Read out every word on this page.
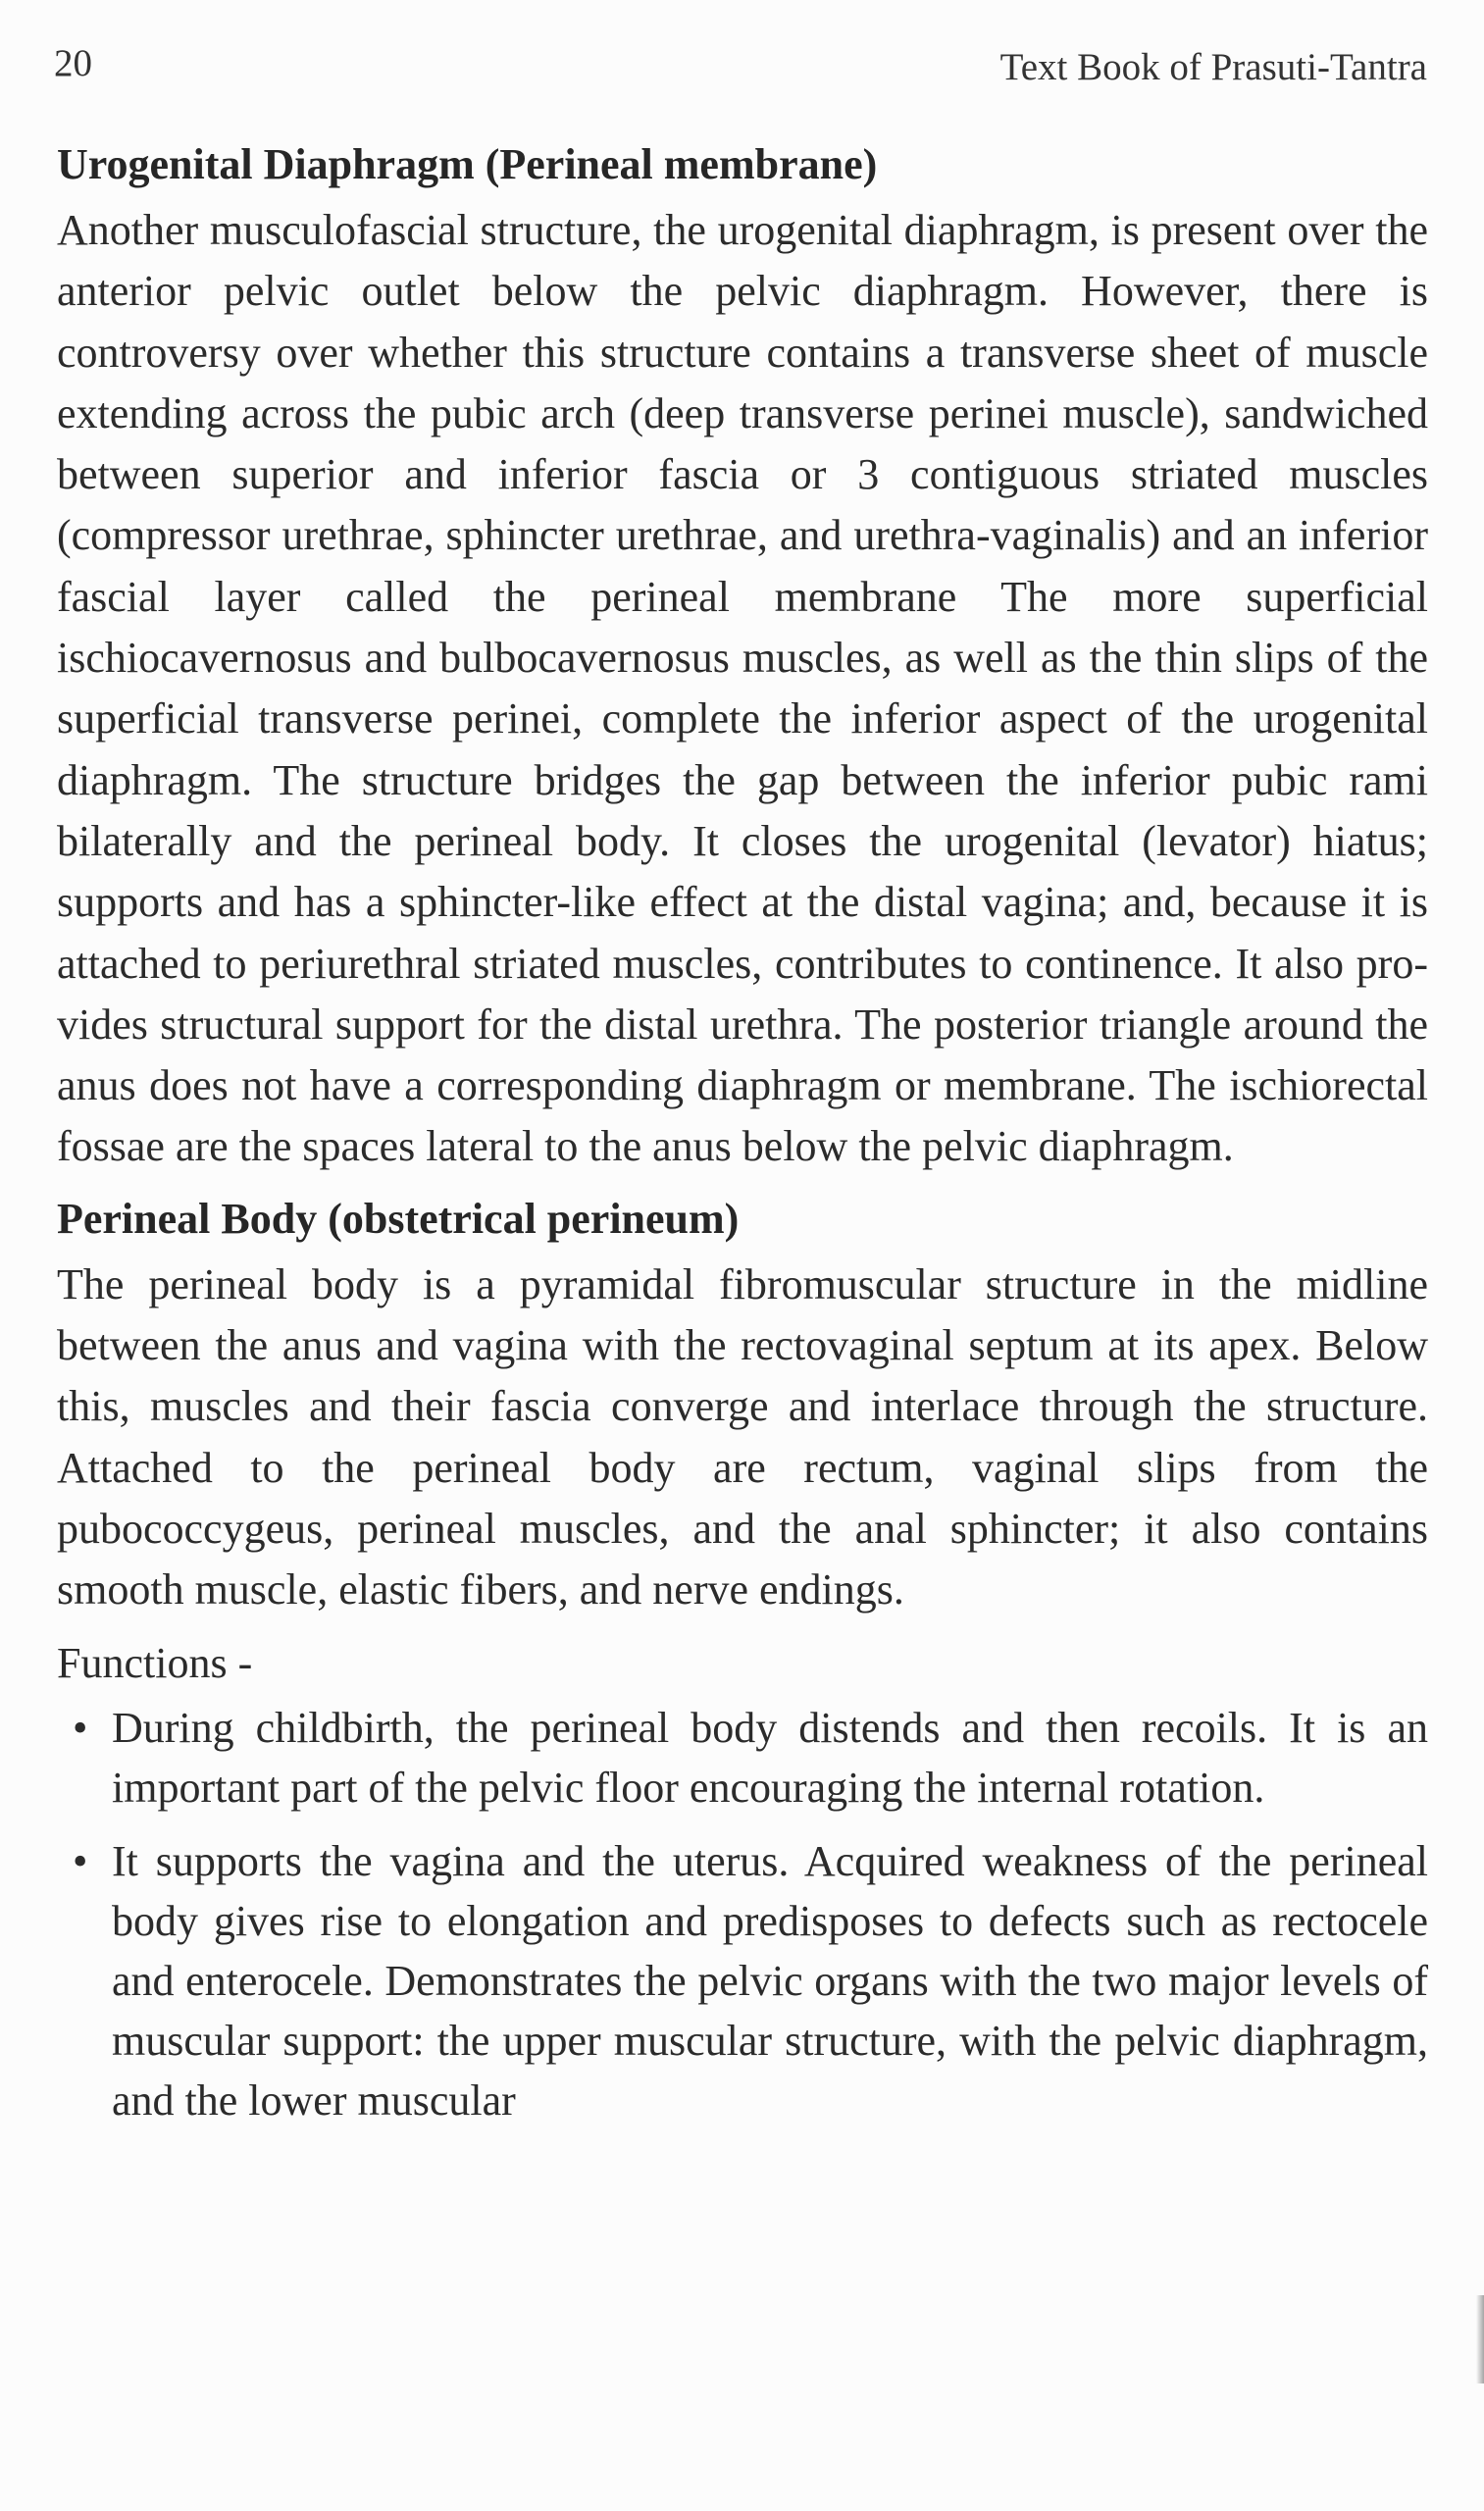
20	Text Book of Prasuti-Tantra
Urogenital Diaphragm (Perineal membrane)

Another musculofascial structure, the urogenital diaphragm, is present over the anterior pelvic outlet below the pelvic diaphragm. However, there is controversy over whether this structure contains a transverse sheet of muscle extending across the pubic arch (deep transverse perinei muscle), sandwiched between superior and inferior fascia or 3 contiguous striated muscles (compressor urethrae, sphincter urethrae, and urethra-vaginalis) and an inferior fascial layer called the perineal membrane The more superficial ischiocavernosus and bulbocavernosus muscles, as well as the thin slips of the superficial transverse perinei, complete the inferior aspect of the urogenital diaphragm. The structure bridges the gap between the inferior pubic rami bilaterally and the perineal body. It closes the urogenital (levator) hiatus; supports and has a sphincter-like effect at the distal vagina; and, because it is attached to periurethral striated muscles, contributes to continence. It also provides structural support for the distal urethra. The posterior triangle around the anus does not have a corresponding diaphragm or membrane. The ischiorectal fossae are the spaces lateral to the anus below the pelvic diaphragm.

Perineal Body (obstetrical perineum)

The perineal body is a pyramidal fibromuscular structure in the midline between the anus and vagina with the rectovaginal septum at its apex. Below this, muscles and their fascia converge and interlace through the structure. Attached to the perineal body are rectum, vaginal slips from the pubococcygeus, perineal muscles, and the anal sphincter; it also contains smooth muscle, elastic fibers, and nerve endings.

Functions -
• During childbirth, the perineal body distends and then recoils. It is an important part of the pelvic floor encouraging the internal rotation.
• It supports the vagina and the uterus. Acquired weakness of the perineal body gives rise to elongation and predisposes to defects such as rectocele and enterocele. Demonstrates the pelvic organs with the two major levels of muscular support: the upper muscular structure, with the pelvic diaphragm, and the lower muscular
